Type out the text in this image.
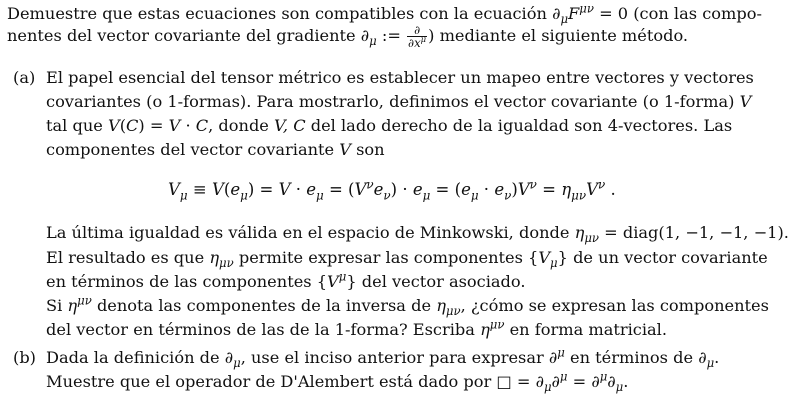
Demuestre que estas ecuaciones son compatibles con la ecuación $\partial_\mu F^{\mu\nu} = 0$ (con las compo-
nentes del vector covariante del gradiente $\partial_\mu$ := $\frac{\partial}{\partial x^\mu}$ ) mediante el siguiente método.
(a) El papel esencial del tensor métrico es establecer un mapeo entre vectores y vectores
covariantes (o 1-formas). Para mostrarlo, definimos el vector covariante (o 1-forma) V
tal que V(C) = V · C, donde V, C del lado derecho de la igualdad son 4-vectores. Las
componentes del vector covariante V son
$V_\mu \equiv V(e_\mu) = V \cdot e_\mu = (V^\nu e_\nu) \cdot e_\mu = (e_\mu \cdot e_\nu)V^\nu = \eta_{\mu\nu}V^\nu$ .
La última igualdad es válida en el espacio de Minkowski, donde $\eta_{\mu\nu}$ = diag(1, −1, −1, −1).
El resultado es que $\eta_{\mu\nu}$ permite expresar las componentes $\{V_\mu\}$ de un vector covariante
en términos de las componentes $\{V^\mu\}$ del vector asociado.
Si $\eta^{\mu\nu}$ denota las componentes de la inversa de $\eta_{\mu\nu}$, ¿cómo se expresan las componentes
del vector en términos de las de la 1-forma? Escriba $\eta^{\mu\nu}$ en forma matricial.
(b) Dada la definición de $\partial_\mu$, use el inciso anterior para expresar ∂$^\mu$ en términos de $\partial_\mu$.
Muestre que el operador de D'Alembert está dado por □ = $\partial_\mu\partial^\mu = \partial^\mu\partial_\mu$.
